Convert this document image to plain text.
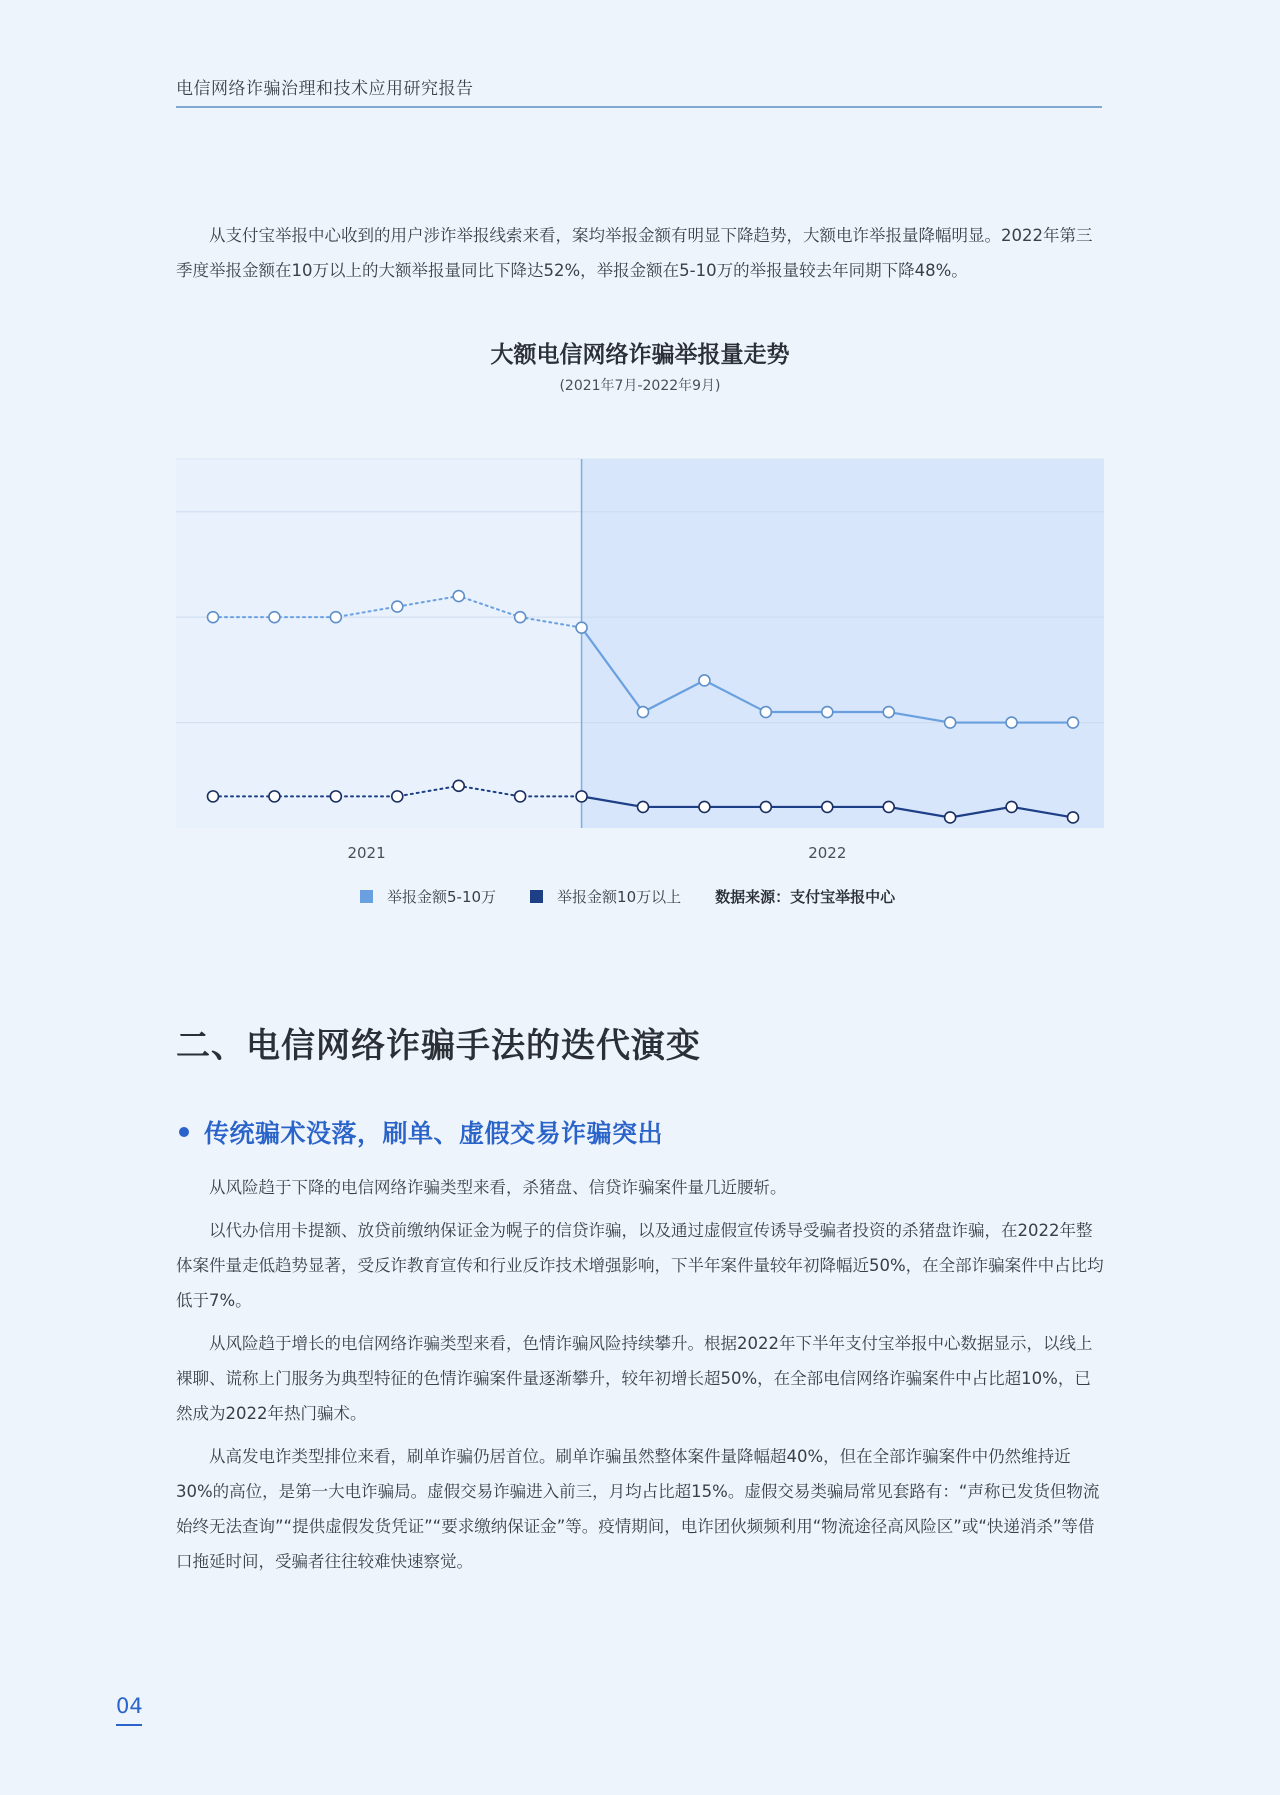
电信网络诈骗治理和技术应用研究报告

从支付宝举报中心收到的用户涉诈举报线索来看，案均举报金额有明显下降趋势，大额电诈举报量降幅明显。2022年第三季度举报金额在10万以上的大额举报量同比下降达52%，举报金额在5-10万的举报量较去年同期下降48%。

大额电信网络诈骗举报量走势
(2021年7月-2022年9月)
2021	2022
举报金额5-10万	举报金额10万以上 数据来源：支付宝举报中心
二、电信网络诈骗手法的迭代演变
传统骗术没落，刷单、虚假交易诈骗突出

从风险趋于下降的电信网络诈骗类型来看，杀猪盘、信贷诈骗案件量几近腰斩。

以代办信用卡提额、放贷前缴纳保证金为幌子的信贷诈骗，以及通过虚假宣传诱导受骗者投资的杀猪盘诈骗，在2022年整体案件量走低趋势显著，受反诈教育宣传和行业反诈技术增强影响，下半年案件量较年初降幅近50%，在全部诈骗案件中占比均低于7%。

从风险趋于增长的电信网络诈骗类型来看，色情诈骗风险持续攀升。根据2022年下半年支付宝举报中心数据显示，以线上裸聊、谎称上门服务为典型特征的色情诈骗案件量逐渐攀升，较年初增长超50%，在全部电信网络诈骗案件中占比超10%，已然成为2022年热门骗术。

从高发电诈类型排位来看，刷单诈骗仍居首位。刷单诈骗虽然整体案件量降幅超40%，但在全部诈骗案件中仍然维持近30%的高位，是第一大电诈骗局。虚假交易诈骗进入前三，月均占比超15%。虚假交易类骗局常见套路有：“声称已发货但物流始终无法查询”“提供虚假发货凭证”“要求缴纳保证金”等。疫情期间，电诈团伙频频利用“物流途径高风险区”或“快递消杀”等借口拖延时间，受骗者往往较难快速察觉。

04
